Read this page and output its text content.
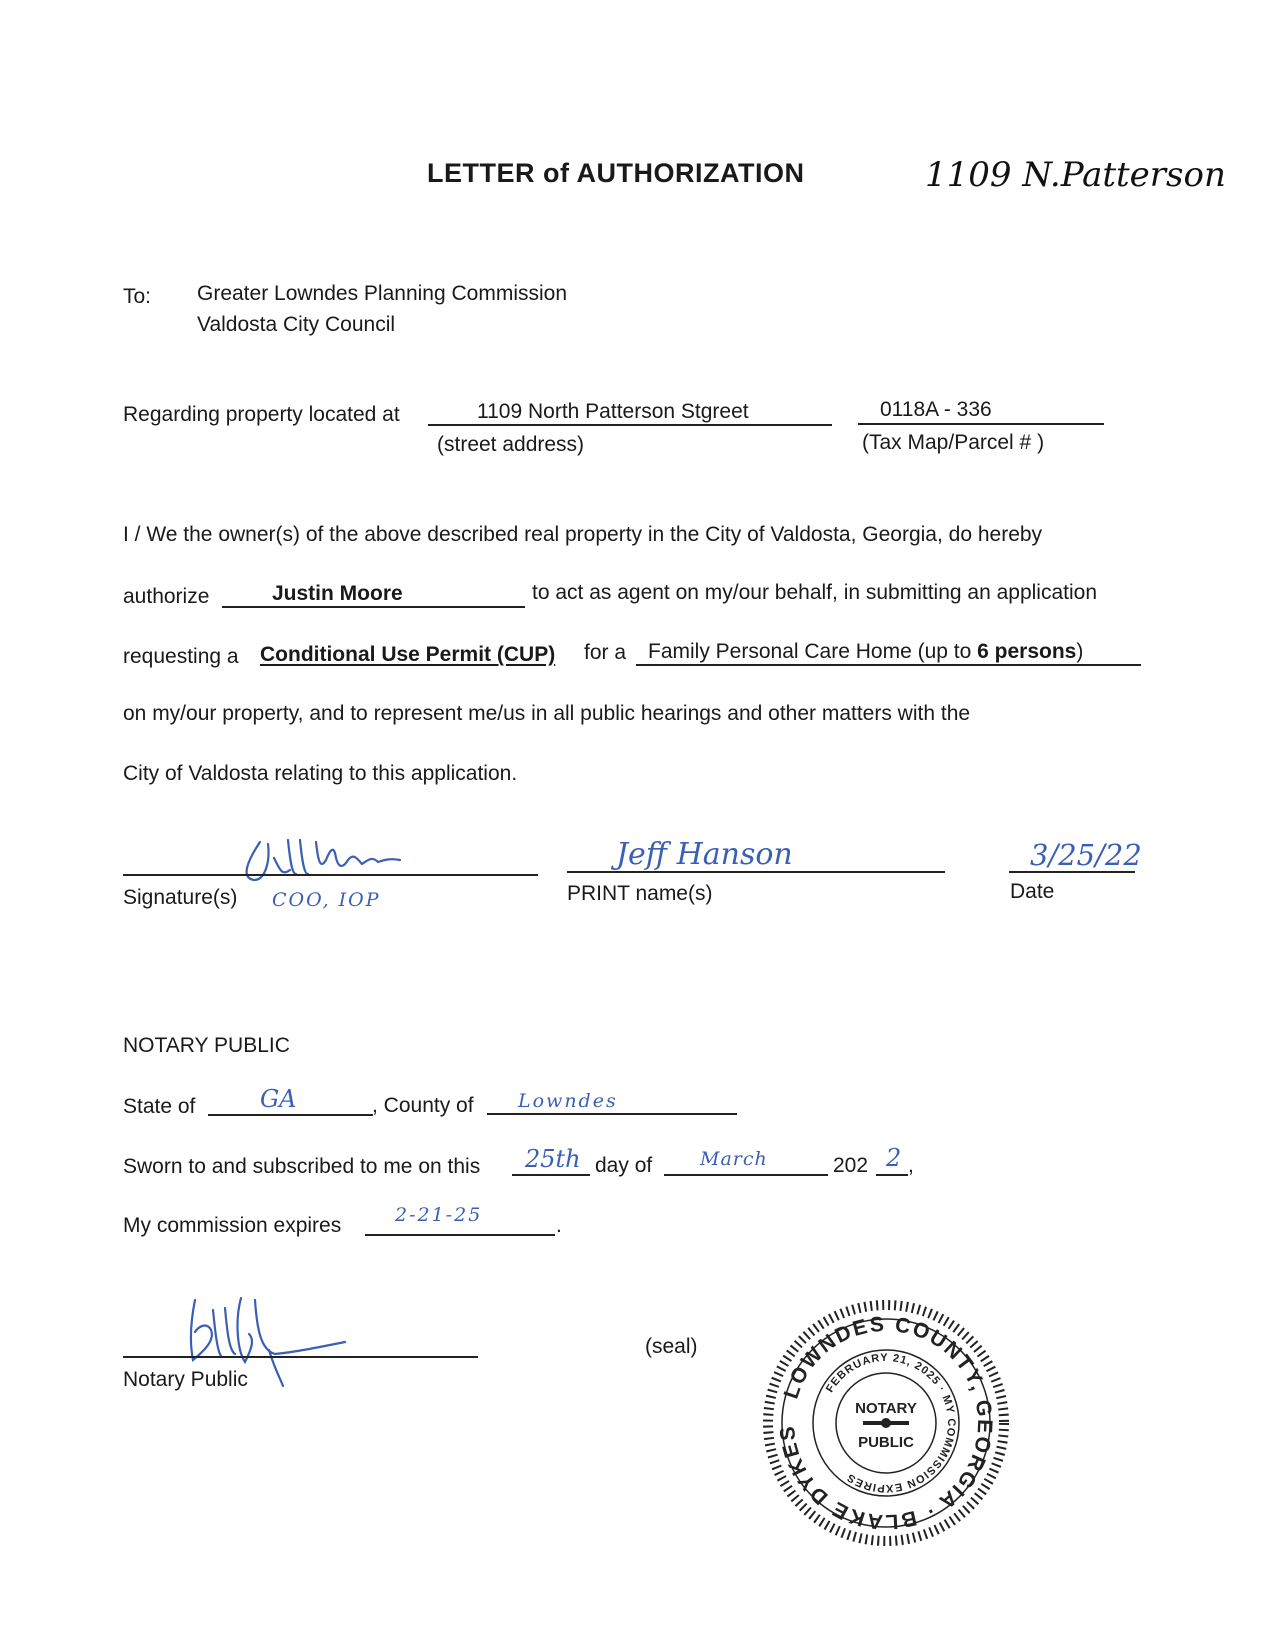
LETTER of AUTHORIZATION	1109 N.Patterson
To: Greater Lowndes Planning Commission
Valdosta City Council
Regarding property located at	1109 North Patterson Stgreet
(street address)
0118A - 336
(Tax Map/Parcel # )
I / We the owner(s) of the above described real property in the City of Valdosta, Georgia, do hereby
authorize	Justin Moore	to act as agent on my/our behalf, in submitting an application
requesting a Conditional Use Permit (CUP) for a Family Personal Care Home (up to 6 persons)
on my/our property, and to represent me/us in all public hearings and other matters with the
City of Valdosta relating to this application.
Signature(s) COO, IOP
Jeff Hanson
PRINT name(s)
3/25/22
Date
NOTARY PUBLIC
State of	GA	, County of Lowndes
Sworn to and subscribed to me on this 25th day of	March	202 2 ,
My commission expires	2-21-25	.
Notary Public
(seal)
LOWNDES COUNTY, GEORGIA · BLAKE DYKES
FEBRUARY 21, 2025 · MY COMMISSION EXPIRES
NOTARY
PUBLIC
